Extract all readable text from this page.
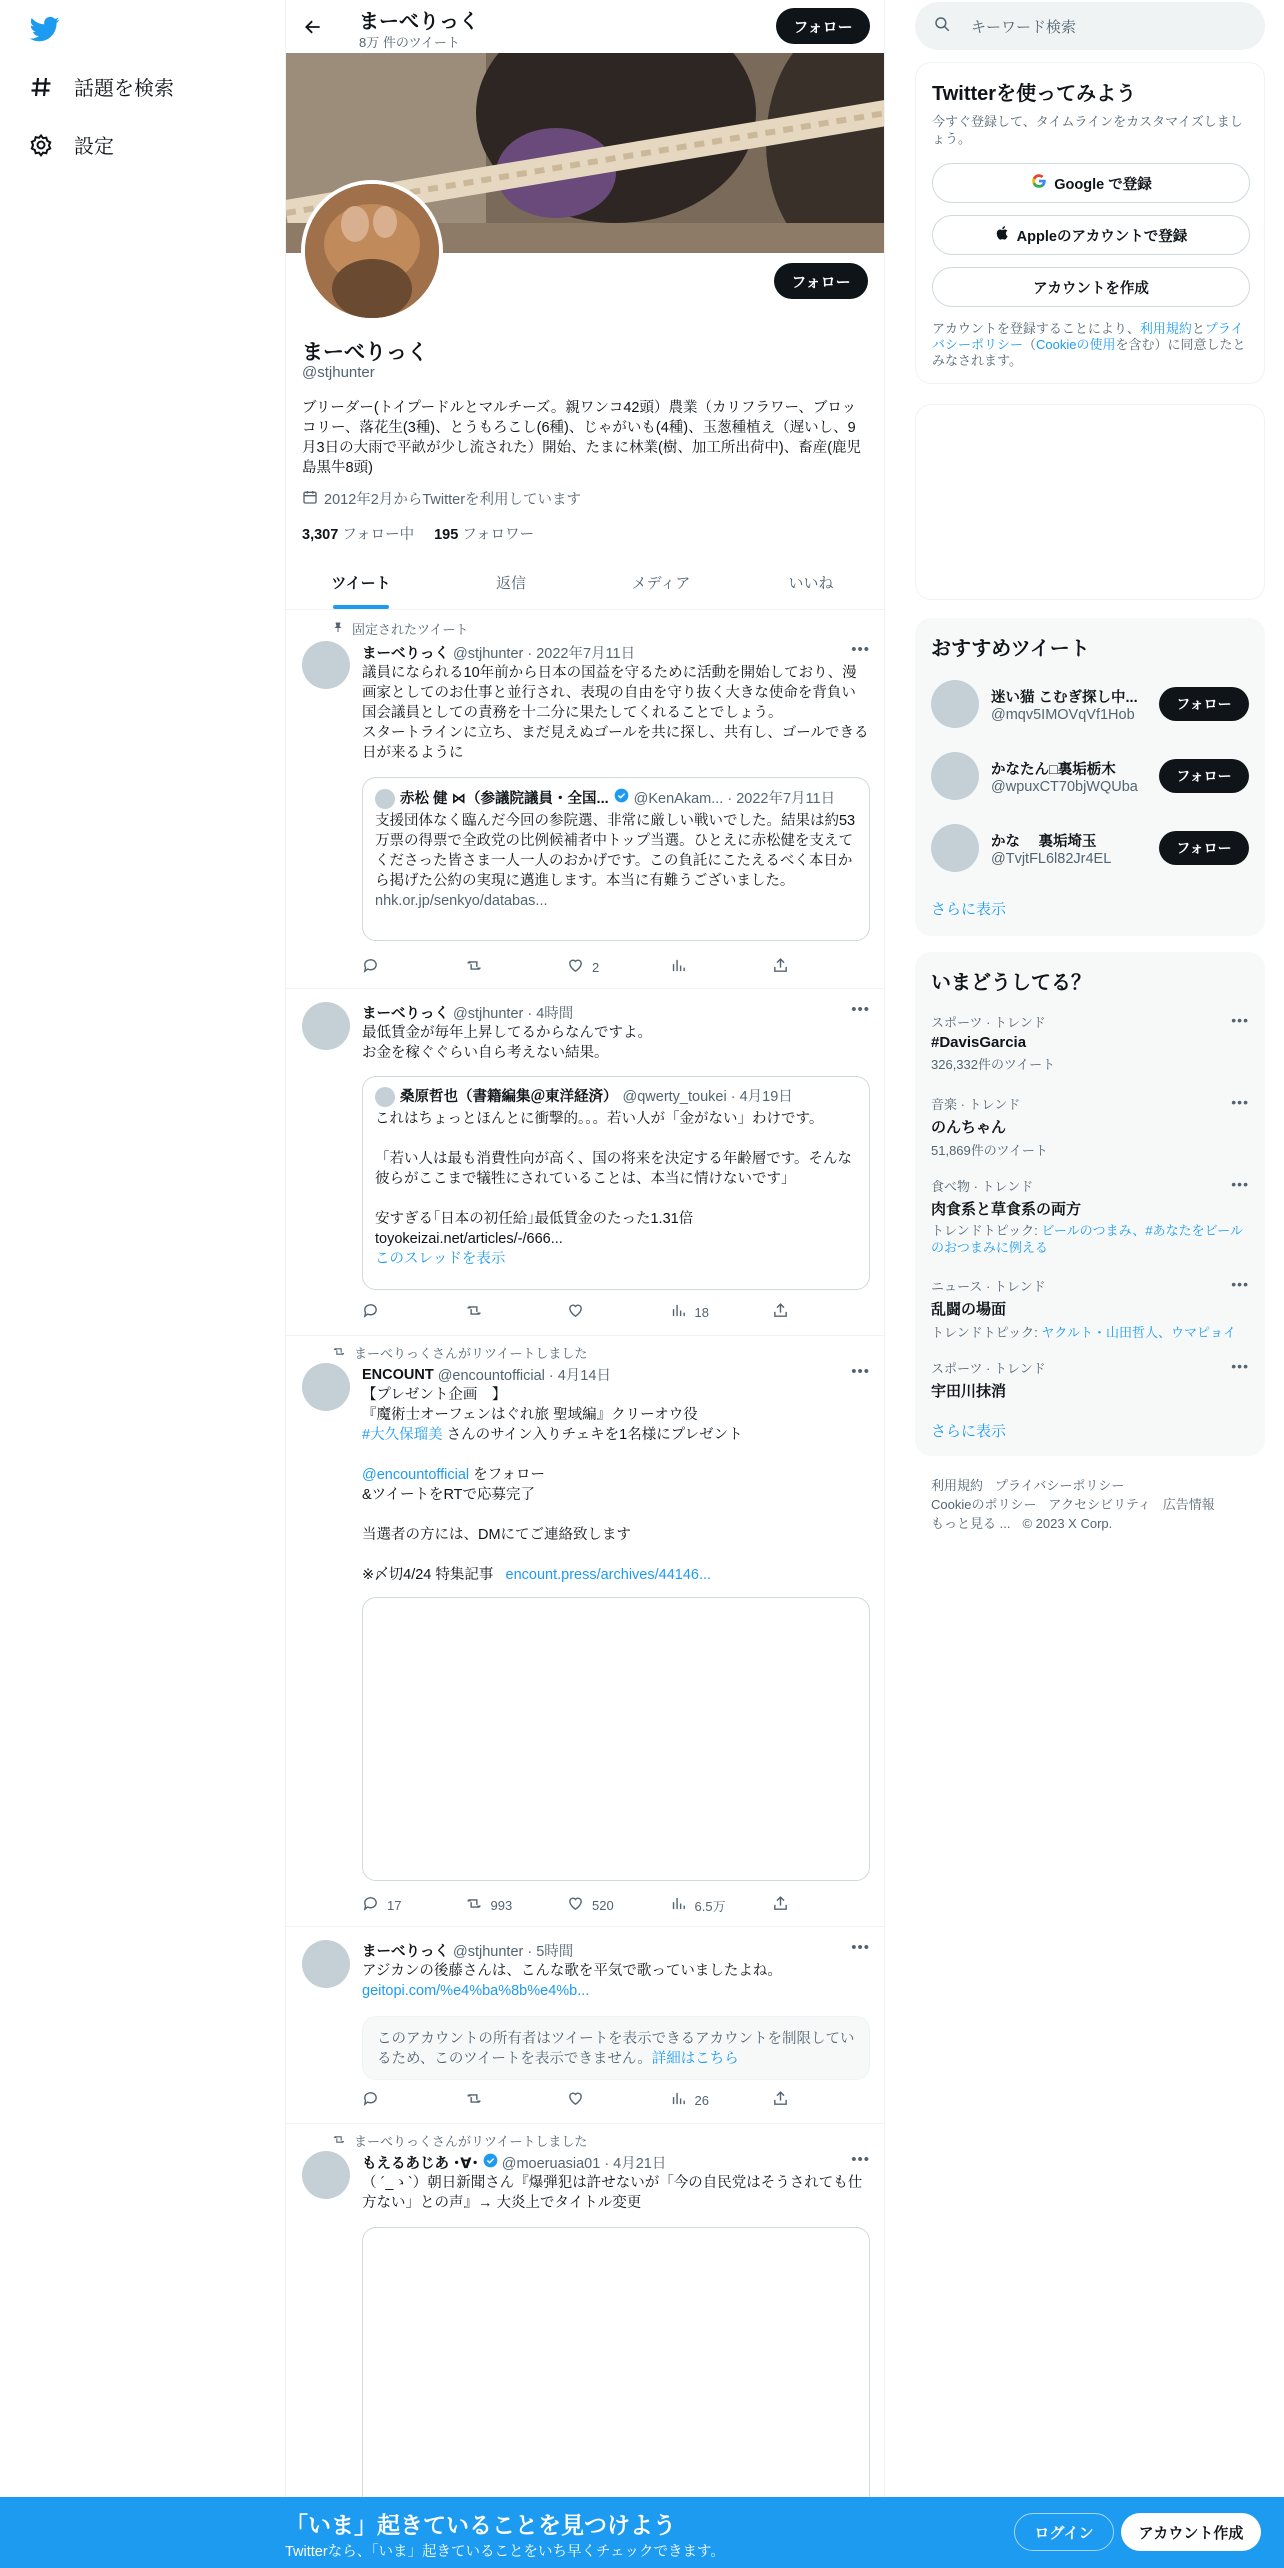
話題を検索
設定
まーべりっく
8万 件のツイート
フォロー
フォロー
まーべりっく
@stjhunter
ブリーダー(トイプードルとマルチーズ。親ワンコ42頭）農業（カリフラワー、ブロッコリー、落花生(3種)、とうもろこし(6種)、じゃがいも(4種)、玉葱種植え（遅いし、9月3日の大雨で平畝が少し流された）開始、たまに林業(樹、加工所出荷中)、畜産(鹿児島黒牛8頭)
2012年2月からTwitterを利用しています
3,307 フォロー中 195 フォロワー
ツイート	返信	メディア	いいね
固定されたツイート
まーべりっく @stjhunter · 2022年7月11日	•••
議員になられる10年前から日本の国益を守るために活動を開始しており、漫画家としてのお仕事と並行され、表現の自由を守り抜く大きな使命を背負い国会議員としての責務を十二分に果たしてくれることでしょう。
スタートラインに立ち、まだ見えぬゴールを共に探し、共有し、ゴールできる日が来るように
赤松 健 ⋈（参議院議員・全国... @KenAkam... · 2022年7月11日
支援団体なく臨んだ今回の参院選、非常に厳しい戦いでした。結果は約53万票の得票で全政党の比例候補者中トップ当選。ひとえに赤松健を支えてくださった皆さま一人一人のおかげです。この負託にこたえるべく本日から掲げた公約の実現に邁進します。本当に有難うございました。
nhk.or.jp/senkyo/databas...
2
まーべりっく @stjhunter · 4時間	•••
最低賃金が毎年上昇してるからなんですよ。
お金を稼ぐぐらい自ら考えない結果。
桑原哲也（書籍編集＠東洋経済） @qwerty_toukei · 4月19日
これはちょっとほんとに衝撃的。。。若い人が「金がない」わけです。

「若い人は最も消費性向が高く、国の将来を決定する年齢層です。そんな彼らがここまで犠牲にされていることは、本当に情けないです」

安すぎる｢日本の初任給｣最低賃金のたった1.31倍
toyokeizai.net/articles/-/666...
このスレッドを表示
18
まーべりっくさんがリツイートしました
ENCOUNT @encountofficial · 4月14日	•••
【プレゼント企画　】
『魔術士オーフェンはぐれ旅 聖域編』クリーオウ役
#大久保瑠美 さんのサイン入りチェキを1名様にプレゼント
@encountofficial をフォロー
&ツイートをRTで応募完了
当選者の方には、DMにてご連絡致します
※〆切4/24 特集記事 encount.press/archives/44146...
17	993	520	6.5万
まーべりっく @stjhunter · 5時間	•••
アジカンの後藤さんは、こんな歌を平気で歌っていましたよね。
geitopi.com/%e4%ba%8b%e4%b...
このアカウントの所有者はツイートを表示できるアカウントを制限しているため、このツイートを表示できません。詳細はこちら
26
まーべりっくさんがリツイートしました
もえるあじあ ･∀･ @moeruasia01 · 4月21日	•••
（ ´_ゝ`）朝日新聞さん『爆弾犯は許せないが「今の自民党はそうされても仕方ない」との声』→ 大炎上でタイトル変更
キーワード検索
Twitterを使ってみよう
今すぐ登録して、タイムラインをカスタマイズしましょう。
Google で登録
Appleのアカウントで登録
アカウントを作成
アカウントを登録することにより、利用規約とプライバシーポリシー（Cookieの使用を含む）に同意したとみなされます。
おすすめツイート
迷い猫 こむぎ探し中...
@mqv5IMOVqVf1Hob
フォロー
かなたん□裏垢栃木
@wpuxCT70bjWQUba
フォロー
かな　 裏垢埼玉
@TvjtFL6l82Jr4EL
フォロー
さらに表示
いまどうしてる？
スポーツ · トレンド
#DavisGarcia
326,332件のツイート
•••
音楽 · トレンド
のんちゃん
51,869件のツイート
•••
食べ物 · トレンド
肉食系と草食系の両方
トレンドトピック: ビールのつまみ、#あなたをビールのおつまみに例える
•••
ニュース · トレンド
乱闘の場面
トレンドトピック: ヤクルト・山田哲人、ウマピョイ
•••
スポーツ · トレンド
宇田川抹消
•••
さらに表示
利用規約 プライバシーポリシー
Cookieのポリシー アクセシビリティ 広告情報
もっと見る ... © 2023 X Corp.
「いま」起きていることを見つけよう
Twitterなら、「いま」起きていることをいち早くチェックできます。
ログイン	アカウント作成
